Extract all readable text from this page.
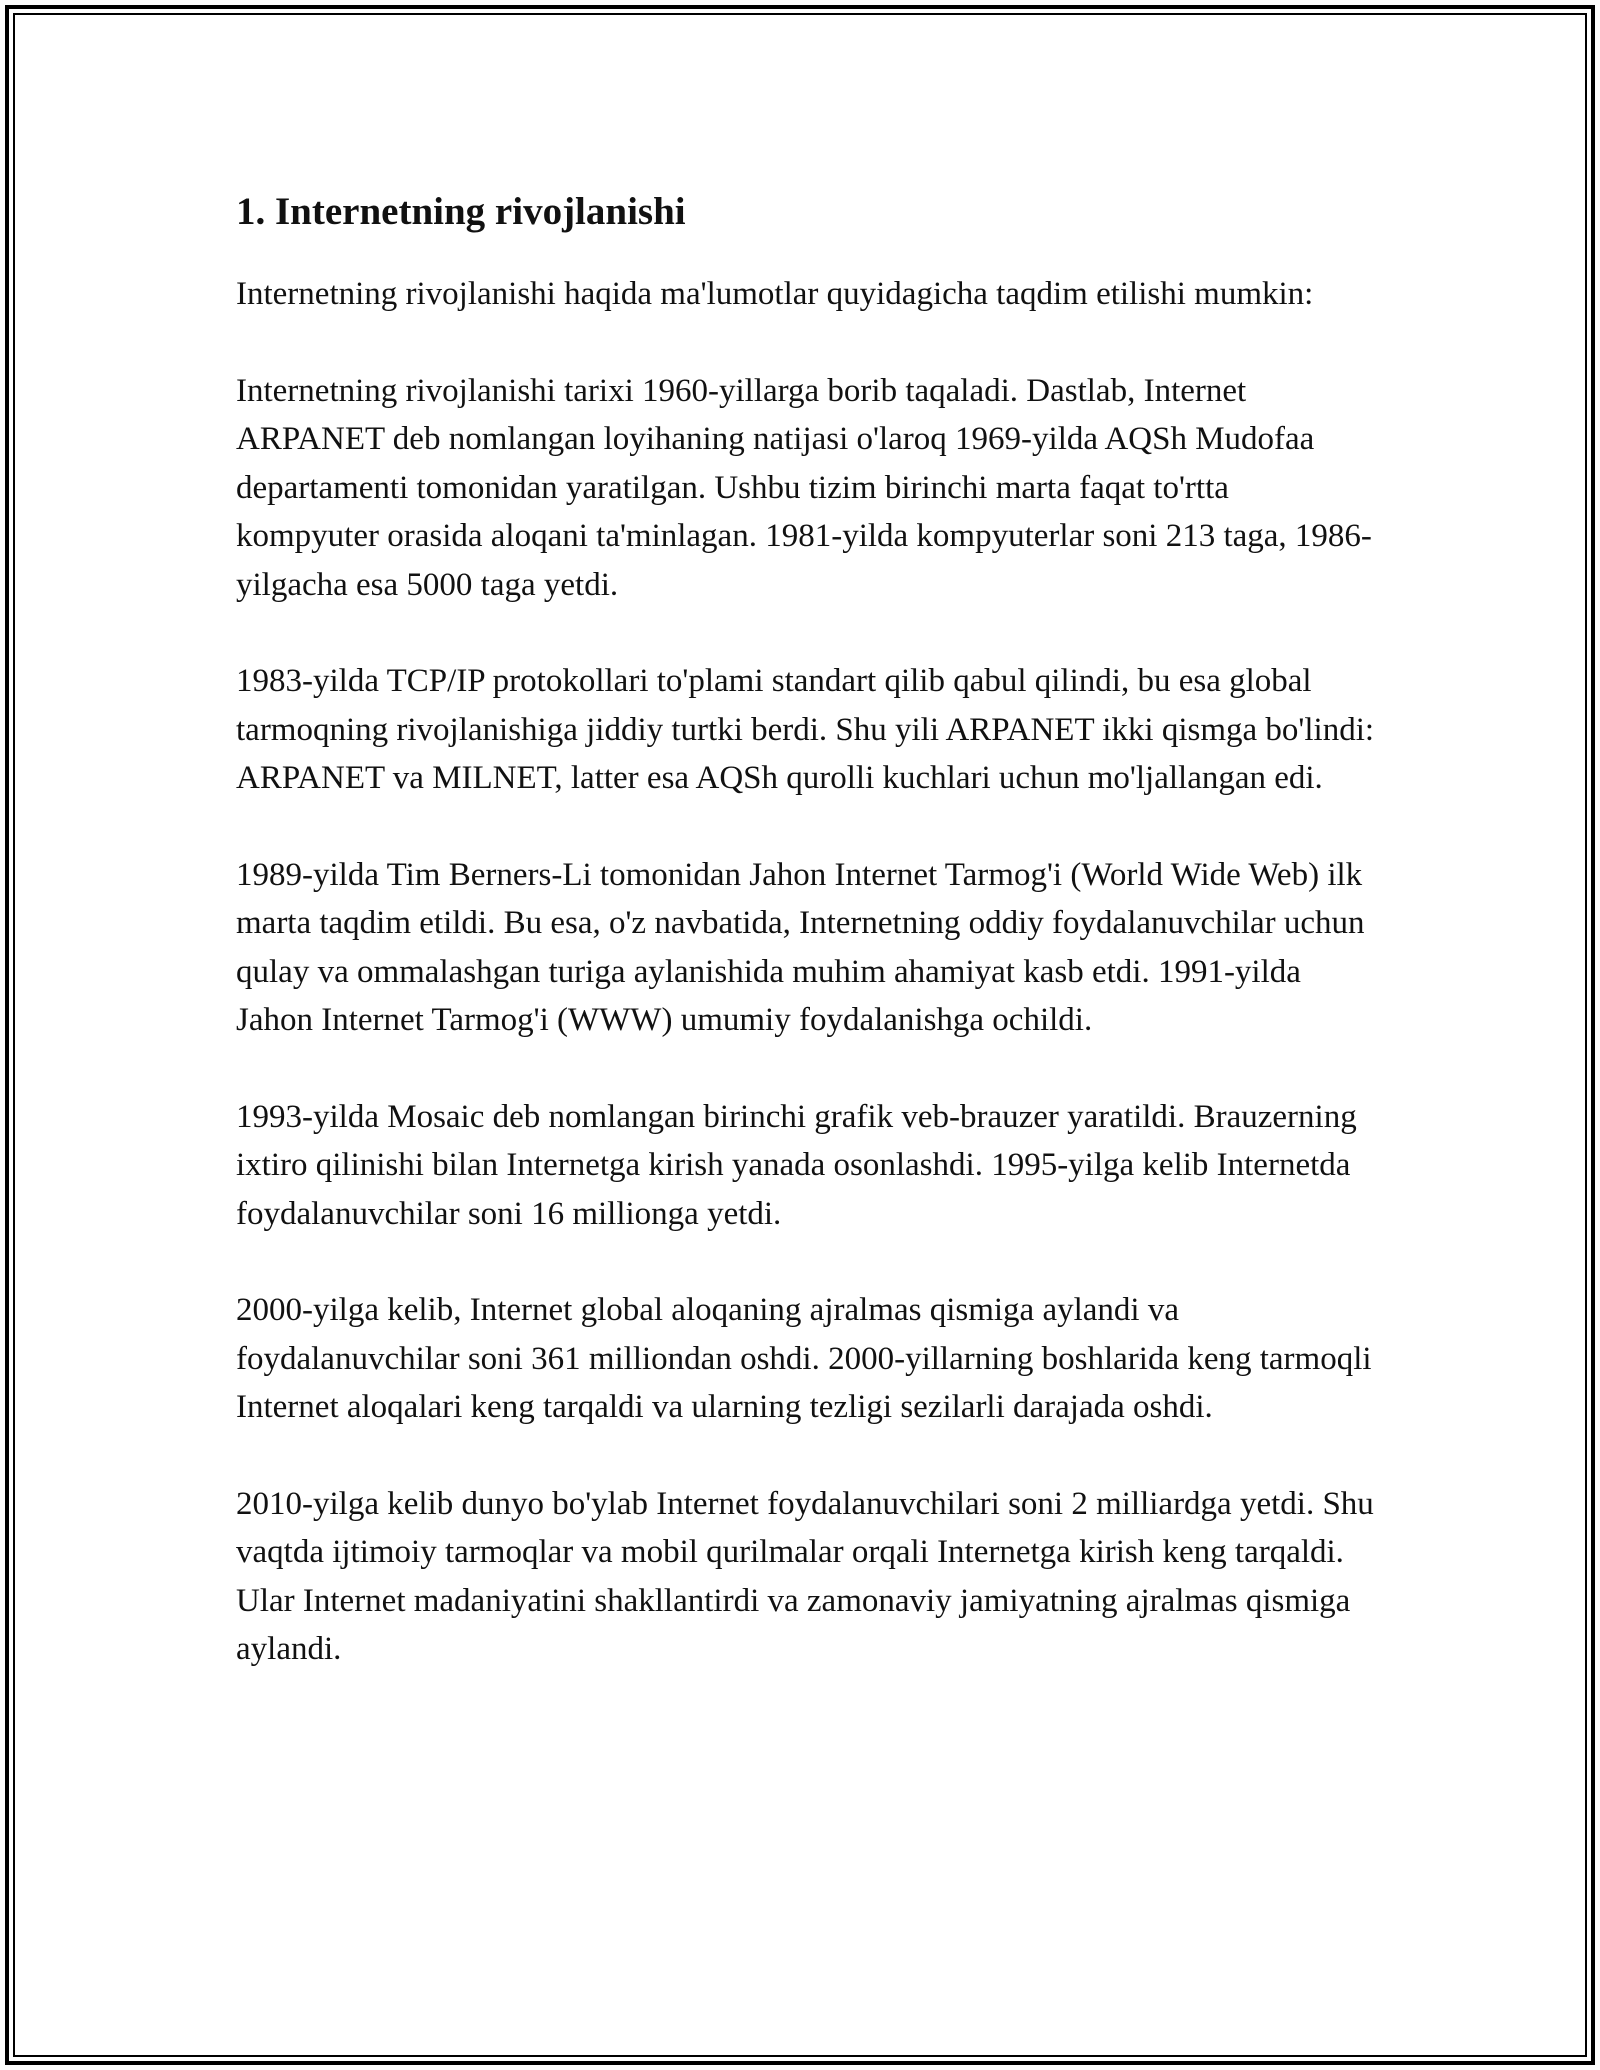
1. Internetning rivojlanishi

Internetning rivojlanishi haqida ma'lumotlar quyidagicha taqdim etilishi mumkin:

Internetning rivojlanishi tarixi 1960-yillarga borib taqaladi. Dastlab, Internet ARPANET deb nomlangan loyihaning natijasi o'laroq 1969-yilda AQSh Mudofaa departamenti tomonidan yaratilgan. Ushbu tizim birinchi marta faqat to'rtta kompyuter orasida aloqani ta'minlagan. 1981-yilda kompyuterlar soni 213 taga, 1986-yilgacha esa 5000 taga yetdi.

1983-yilda TCP/IP protokollari to'plami standart qilib qabul qilindi, bu esa global tarmoqning rivojlanishiga jiddiy turtki berdi. Shu yili ARPANET ikki qismga bo'lindi: ARPANET va MILNET, latter esa AQSh qurolli kuchlari uchun mo'ljallangan edi.

1989-yilda Tim Berners-Li tomonidan Jahon Internet Tarmog'i (World Wide Web) ilk marta taqdim etildi. Bu esa, o'z navbatida, Internetning oddiy foydalanuvchilar uchun qulay va ommalashgan turiga aylanishida muhim ahamiyat kasb etdi. 1991-yilda Jahon Internet Tarmog'i (WWW) umumiy foydalanishga ochildi.

1993-yilda Mosaic deb nomlangan birinchi grafik veb-brauzer yaratildi. Brauzerning ixtiro qilinishi bilan Internetga kirish yanada osonlashdi. 1995-yilga kelib Internetda foydalanuvchilar soni 16 millionga yetdi.

2000-yilga kelib, Internet global aloqaning ajralmas qismiga aylandi va foydalanuvchilar soni 361 milliondan oshdi. 2000-yillarning boshlarida keng tarmoqli Internet aloqalari keng tarqaldi va ularning tezligi sezilarli darajada oshdi.

2010-yilga kelib dunyo bo'ylab Internet foydalanuvchilari soni 2 milliardga yetdi. Shu vaqtda ijtimoiy tarmoqlar va mobil qurilmalar orqali Internetga kirish keng tarqaldi. Ular Internet madaniyatini shakllantirdi va zamonaviy jamiyatning ajralmas qismiga aylandi.
